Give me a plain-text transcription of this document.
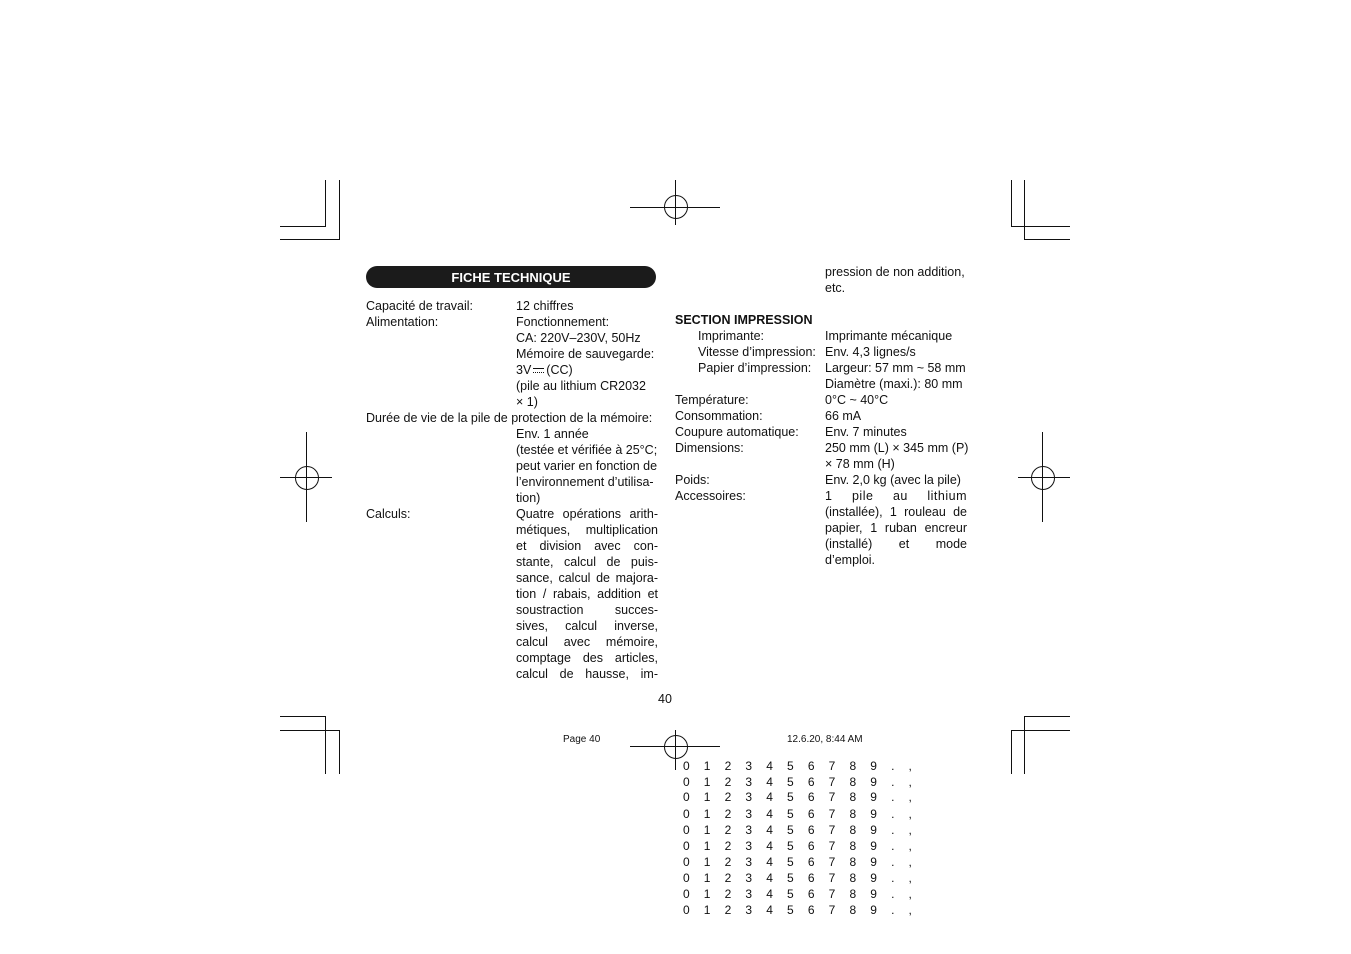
FICHE TECHNIQUE
Capacité de travail:	12 chiffres
Alimentation:	Fonctionnement:
CA: 220V–230V, 50Hz
Mémoire de sauvegarde:
3V (CC)
(pile au lithium CR2032
× 1)
Durée de vie de la pile de protection de la mémoire:
Env. 1 année
(testée et vérifiée à 25°C;
peut varier en fonction de
l’environnement d’utilisa-
tion)
Calculs:	Quatre opérations arith-
métiques, multiplication
et division avec con-
stante, calcul de puis-
sance, calcul de majora-
tion / rabais, addition et
soustraction succes-
sives, calcul inverse,
calcul avec mémoire,
comptage des articles,
calcul de hausse, im-
pression de non addition,
etc.
SECTION IMPRESSION
Imprimante:	Imprimante mécanique
Vitesse d’impression: Env. 4,3 lignes/s
Papier d’impression: Largeur: 57 mm ~ 58 mm
Diamètre (maxi.): 80 mm
Température:	0°C ~ 40°C
Consommation:	66 mA
Coupure automatique: Env. 7 minutes
Dimensions:	250 mm (L) × 345 mm (P)
× 78 mm (H)
Poids:	Env. 2,0 kg (avec la pile)
Accessoires:	1 pile au lithium
(installée), 1 rouleau de
papier, 1 ruban encreur
(installé) et mode
d’emploi.
40
Page 40	12.6.20, 8:44 AM
0 1 2 3 4 5 6 7 8 9 . ,
0 1 2 3 4 5 6 7 8 9 . ,
0 1 2 3 4 5 6 7 8 9 . ,
0 1 2 3 4 5 6 7 8 9 . ,
0 1 2 3 4 5 6 7 8 9 . ,
0 1 2 3 4 5 6 7 8 9 . ,
0 1 2 3 4 5 6 7 8 9 . ,
0 1 2 3 4 5 6 7 8 9 . ,
0 1 2 3 4 5 6 7 8 9 . ,
0 1 2 3 4 5 6 7 8 9 . ,
